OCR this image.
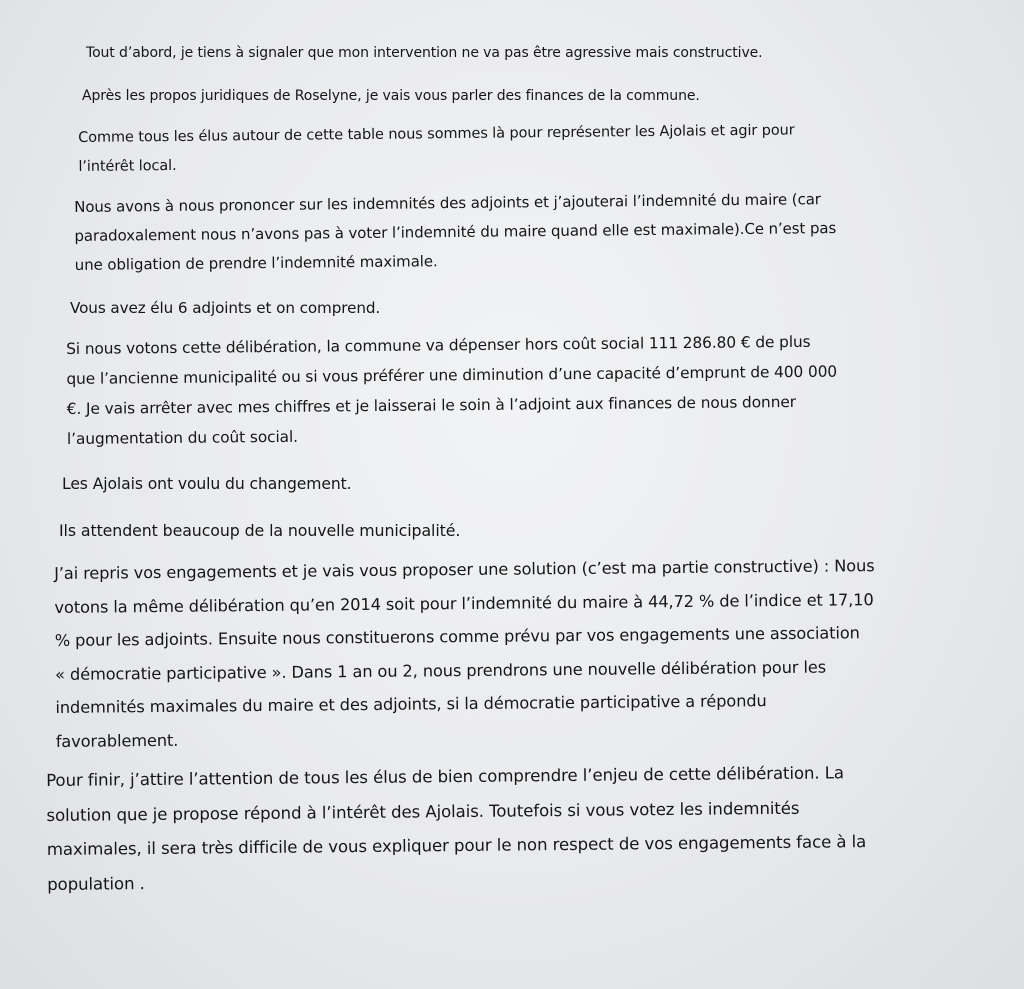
Tout d’abord, je tiens à signaler que mon intervention ne va pas être agressive mais constructive.

Après les propos juridiques de Roselyne, je vais vous parler des finances de la commune.

Comme tous les élus autour de cette table nous sommes là pour représenter les Ajolais et agir pour
l’intérêt local.

Nous avons à nous prononcer sur les indemnités des adjoints et j’ajouterai l’indemnité du maire (car
paradoxalement nous n’avons pas à voter l’indemnité du maire quand elle est maximale).Ce n’est pas
une obligation de prendre l’indemnité maximale.

Vous avez élu 6 adjoints et on comprend.

Si nous votons cette délibération, la commune va dépenser hors coût social 111 286.80 € de plus
que l’ancienne municipalité ou si vous préférer une diminution d’une capacité d’emprunt de 400 000
€. Je vais arrêter avec mes chiffres et je laisserai le soin à l’adjoint aux finances de nous donner
l’augmentation du coût social.

Les Ajolais ont voulu du changement.

Ils attendent beaucoup de la nouvelle municipalité.

J’ai repris vos engagements et je vais vous proposer une solution (c’est ma partie constructive) : Nous
votons la même délibération qu’en 2014 soit pour l’indemnité du maire à 44,72 % de l’indice et 17,10
% pour les adjoints. Ensuite nous constituerons comme prévu par vos engagements une association
« démocratie participative ». Dans 1 an ou 2, nous prendrons une nouvelle délibération pour les
indemnités maximales du maire et des adjoints, si la démocratie participative a répondu
favorablement.

Pour finir, j’attire l’attention de tous les élus de bien comprendre l’enjeu de cette délibération. La
solution que je propose répond à l’intérêt des Ajolais. Toutefois si vous votez les indemnités
maximales, il sera très difficile de vous expliquer pour le non respect de vos engagements face à la
population .
